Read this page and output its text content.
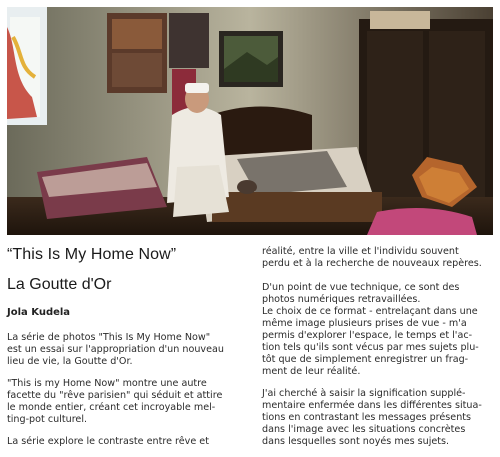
“This Is My Home Now”
La Goutte d'Or
Jola Kudela

La série de photos "This Is My Home Now"
est un essai sur l'appropriation d'un nouveau
lieu de vie, la Goutte d'Or.

"This is my Home Now" montre une autre
facette du "rêve parisien" qui séduit et attire
le monde entier, créant cet incroyable mel-
ting-pot culturel.

La série explore le contraste entre rêve et

réalité, entre la ville et l'individu souvent
perdu et à la recherche de nouveaux repères.

D'un point de vue technique, ce sont des
photos numériques retravaillées.
Le choix de ce format - entrelaçant dans une
même image plusieurs prises de vue - m'a
permis d'explorer l'espace, le temps et l'ac-
tion tels qu'ils sont vécus par mes sujets plu-
tôt que de simplement enregistrer un frag-
ment de leur réalité.

J'ai cherché à saisir la signification supplé-
mentaire enfermée dans les différentes situa-
tions en contrastant les messages présents
dans l'image avec les situations concrètes
dans lesquelles sont noyés mes sujets.
